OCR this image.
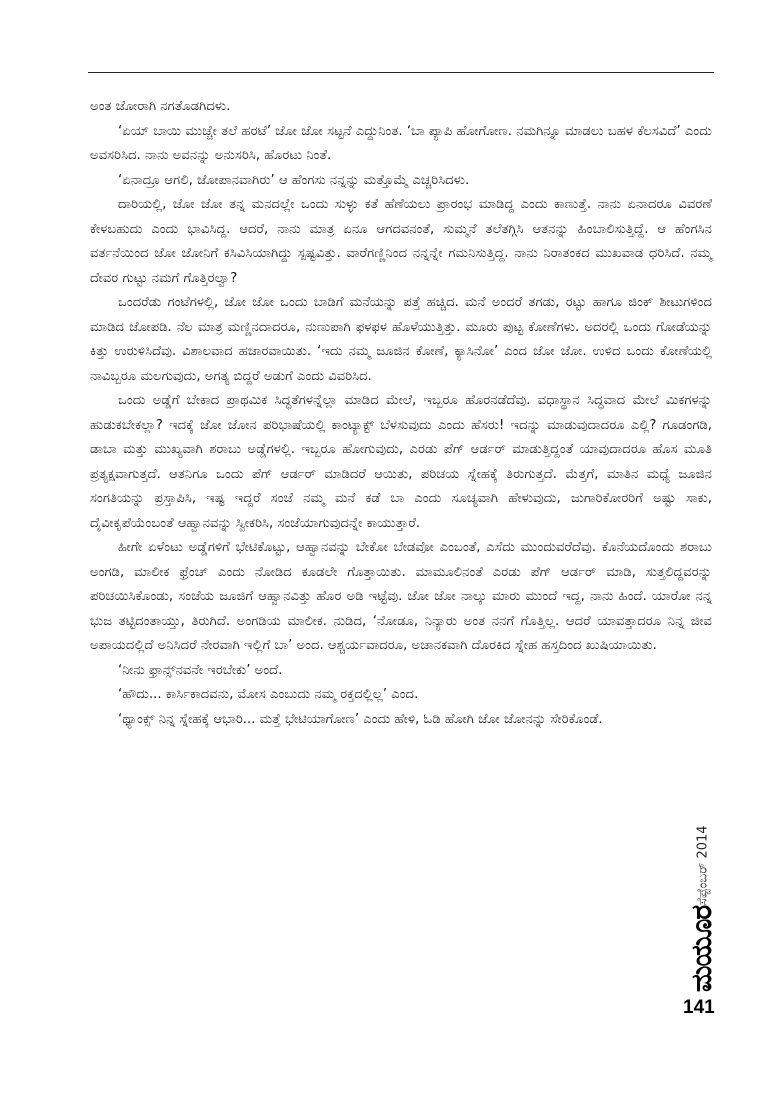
ಅಂತ ಜೋರಾಗಿ ನಗತೊಡಗಿದಳು.

‘ಏಯ್ ಬಾಯಿ ಮುಚ್ಚೇ ತಲೆ ಹರಟೆ’ ಜೋ ಜೋ ಸಟ್ಟನೆ ಎದ್ದುನಿಂತ. ‘ಬಾ ಪ್ಯಾಪಿ ಹೋಗೋಣ. ನಮಗಿನ್ನೂ ಮಾಡಲು ಬಹಳ ಕೆಲಸವಿದೆ’ ಎಂದು ಅವಸರಿಸಿದ. ನಾನು ಅವನನ್ನು ಅನುಸರಿಸಿ, ಹೊರಟು ನಿಂತೆ.

‘ಏನಾದ್ರೂ ಆಗಲಿ, ಜೋಪಾನವಾಗಿರು’ ಆ ಹೆಂಗಸು ನನ್ನನ್ನು ಮತ್ತೊಮ್ಮೆ ಎಚ್ಚರಿಸಿದಳು.

ದಾರಿಯಲ್ಲಿ, ಜೋ ಜೋ ತನ್ನ ಮನದಲ್ಲೇ ಒಂದು ಸುಳ್ಳು ಕತೆ ಹೆಣೆಯಲು ಪ್ರಾರಂಭ ಮಾಡಿದ್ದ ಎಂದು ಕಾಣುತ್ತೆ. ನಾನು ಏನಾದರೂ ವಿವರಣೆ ಕೇಳಬಹುದು ಎಂದು ಭಾವಿಸಿದ್ದ. ಆದರೆ, ನಾನು ಮಾತ್ರ ಏನೂ ಆಗದವನಂತೆ, ಸುಮ್ಮನೆ ತಲೆತಗ್ಗಿಸಿ ಆತನನ್ನು ಹಿಂಬಾಲಿಸುತ್ತಿದ್ದೆ. ಆ ಹೆಂಗಸಿನ ವರ್ತನೆಯಿಂದ ಜೋ ಜೋನಿಗೆ ಕಸಿವಿಸಿಯಾಗಿದ್ದು ಸ್ಪಷ್ಟವಿತ್ತು. ವಾರೆಗಣ್ಣಿನಿಂದ ನನ್ನನ್ನೇ ಗಮನಿಸುತ್ತಿದ್ದ. ನಾನು ನಿರಾತಂಕದ ಮುಖವಾಡ ಧರಿಸಿದೆ. ನಮ್ಮ ದೇವರ ಗುಟ್ಟು ನಮಗೆ ಗೊತ್ತಿರಲ್ವಾ?

ಒಂದರೆಡು ಗಂಟೆಗಳಲ್ಲಿ, ಜೋ ಜೋ ಒಂದು ಬಾಡಿಗೆ ಮನೆಯನ್ನು ಪತ್ತೆ ಹಚ್ಚಿದ. ಮನೆ ಅಂದರೆ ತಗಡು, ರಟ್ಟು ಹಾಗೂ ಜಿಂಕ್ ಶೀಟುಗಳಿಂದ ಮಾಡಿದ ಜೋಪಡಿ. ನೆಲ ಮಾತ್ರ ಮಣ್ಣಿನದಾದರೂ, ನುಣುಪಾಗಿ ಫಳಫಳ ಹೊಳೆಯುತ್ತಿತ್ತು. ಮೂರು ಪುಟ್ಟ ಕೋಣೆಗಳು. ಅದರಲ್ಲಿ ಒಂದು ಗೋಡೆಯನ್ನು ಕಿತ್ತು ಉರುಳಿಸಿದೆವು. ವಿಶಾಲವಾದ ಹಜಾರವಾಯಿತು. ‘ಇದು ನಮ್ಮ ಜೂಜಿನ ಕೋಣೆ, ಕ್ಯಾಸಿನೋ’ ಎಂದ ಜೋ ಜೋ. ಉಳಿದ ಒಂದು ಕೋಣೆಯಲ್ಲಿ ನಾವಿಬ್ಬರೂ ಮಲಗುವುದು, ಅಗತ್ಯ ಬಿದ್ದರೆ ಅಡುಗೆ ಎಂದು ವಿವರಿಸಿದ.

ಒಂದು ಅಡ್ಡೆಗೆ ಬೇಕಾದ ಪ್ರಾಥಮಿಕ ಸಿದ್ಧತೆಗಳನ್ನೆಲ್ಲಾ ಮಾಡಿದ ಮೇಲೆ, ಇಬ್ಬರೂ ಹೊರನಡೆದೆವು. ವಧಾಸ್ಥಾನ ಸಿದ್ಧವಾದ ಮೇಲೆ ಮಿಕಗಳನ್ನು ಹುಡುಕಬೇಕಲ್ಲಾ? ಇದಕ್ಕೆ ಜೋ ಜೋನ ಪರಿಭಾಷೆಯಲ್ಲಿ ಕಾಂಟ್ಯಾಕ್ಟ್ ಬೆಳಸುವುದು ಎಂದು ಹೆಸರು! ಇದನ್ನು ಮಾಡುವುದಾದರೂ ಎಲ್ಲಿ? ಗೂಡಂಗಡಿ, ಡಾಬಾ ಮತ್ತು ಮುಖ್ಯವಾಗಿ ಶರಾಬು ಅಡ್ಡೆಗಳಲ್ಲಿ. ಇಬ್ಬರೂ ಹೋಗುವುದು, ಎರಡು ಪೆಗ್ ಆರ್ಡರ್ ಮಾಡುತ್ತಿದ್ದಂತೆ ಯಾವುದಾದರೂ ಹೊಸ ಮೂತಿ ಪ್ರತ್ಯಕ್ಷವಾಗುತ್ತದೆ. ಆತನಿಗೂ ಒಂದು ಪೆಗ್ ಆರ್ಡರ್ ಮಾಡಿದರೆ ಆಯಿತು, ಪರಿಚಯ ಸ್ನೇಹಕ್ಕೆ ತಿರುಗುತ್ತದೆ. ಮೆತ್ತಗೆ, ಮಾತಿನ ಮಧ್ಯೆ ಜೂಜಿನ ಸಂಗತಿಯನ್ನು ಪ್ರಸ್ತಾಪಿಸಿ, ಇಷ್ಟ ಇದ್ದರೆ ಸಂಜೆ ನಮ್ಮ ಮನೆ ಕಡೆ ಬಾ ಎಂದು ಸೂಚ್ಯವಾಗಿ ಹೇಳುವುದು, ಜುಗಾರಿಕೋರರಿಗೆ ಅಷ್ಟು ಸಾಕು, ದೈವೀಕೃಪೆಯೆಂಬಂತೆ ಆಹ್ವಾನವನ್ನು ಸ್ವೀಕರಿಸಿ, ಸಂಜೆಯಾಗುವುದನ್ನೇ ಕಾಯುತ್ತಾರೆ.

ಹೀಗೇ ಏಳೆಂಟು ಅಡ್ಡೆಗಳಿಗೆ ಭೇಟಿಕೊಟ್ಟು, ಆಹ್ವಾನವನ್ನು ಬೇಕೋ ಬೇಡವೋ ಎಂಬಂತೆ, ಎಸೆದು ಮುಂದುವರೆದೆವು. ಕೊನೆಯದೊಂದು ಶರಾಬು ಅಂಗಡಿ, ಮಾಲೀಕ ಫ್ರೆಂಚ್ ಎಂದು ನೋಡಿದ ಕೂಡಲೇ ಗೊತ್ತಾಯಿತು. ಮಾಮೂಲಿನಂತೆ ಎರಡು ಪೆಗ್ ಆರ್ಡರ್ ಮಾಡಿ, ಸುತ್ತಲಿದ್ದವರನ್ನು ಪರಿಚಯಿಸಿಕೊಂಡು, ಸಂಜೆಯ ಜೂಜಿಗೆ ಆಹ್ವಾನವಿತ್ತು ಹೊರ ಅಡಿ ಇಟ್ಟೆವು. ಜೋ ಜೋ ನಾಲ್ಕು ಮಾರು ಮುಂದೆ ಇದ್ದ, ನಾನು ಹಿಂದೆ. ಯಾರೋ ನನ್ನ ಭುಜ ತಟ್ಟಿದಂತಾಯ್ತು, ತಿರುಗಿದೆ. ಅಂಗಡಿಯ ಮಾಲೀಕ. ನುಡಿದ, ‘ನೋಡೂ, ನಿನ್ಯಾರು ಅಂತ ನನಗೆ ಗೊತ್ತಿಲ್ಲ. ಆದರೆ ಯಾವತ್ತಾದರೂ ನಿನ್ನ ಜೀವ ಅಪಾಯದಲ್ಲಿದೆ ಅನಿಸಿದರೆ ನೇರವಾಗಿ ಇಲ್ಲಿಗೆ ಬಾ’ ಅಂದ. ಆಶ್ಚರ್ಯವಾದರೂ, ಅಚಾನಕವಾಗಿ ದೊರಕಿದ ಸ್ನೇಹ ಹಸ್ತದಿಂದ ಖುಷಿಯಾಯಿತು.

‘ನೀನು ಫ್ರಾನ್ಸ್‌ನವನೇ ಇರಬೇಕು’ ಅಂದೆ.

‘ಹೌದು... ಕಾರ್ಸಿಕಾದವನು, ಮೋಸ ಎಂಬುದು ನಮ್ಮ ರಕ್ತದಲ್ಲಿಲ್ಲ’ ಎಂದ.

‘ಥ್ಯಾಂಕ್ಸ್ ನಿನ್ನ ಸ್ನೇಹಕ್ಕೆ ಆಭಾರಿ... ಮತ್ತೆ ಭೇಟಿಯಾಗೋಣ’ ಎಂದು ಹೇಳಿ, ಓಡಿ ಹೋಗಿ ಜೋ ಜೋನನ್ನು ಸೇರಿಕೊಂಡೆ.

ಸೆಪ್ಟೆಂಬರ್ 2014
ಮಯೂರ
141
